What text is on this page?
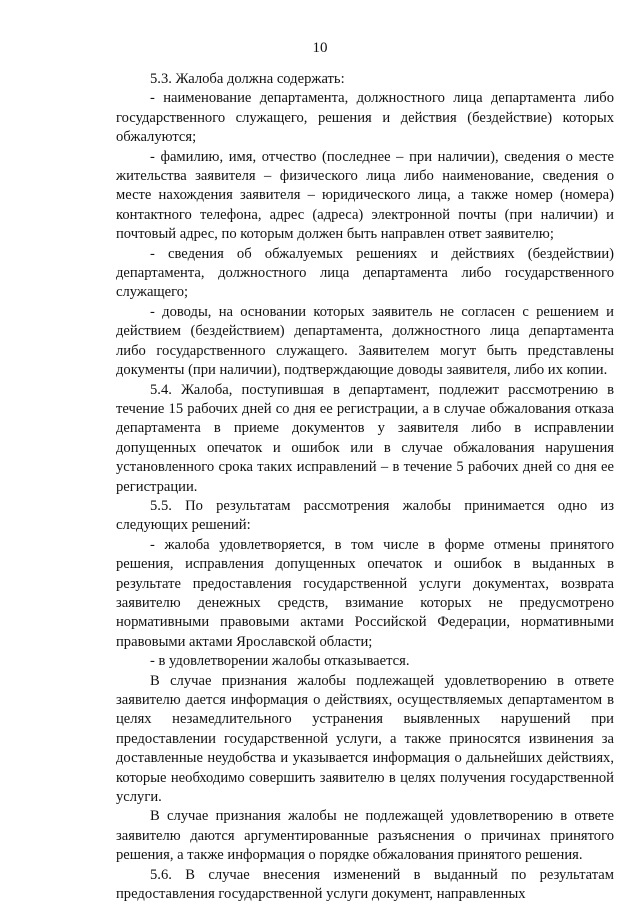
10

5.3. Жалоба должна содержать:

- наименование департамента, должностного лица департамента либо государственного служащего, решения и действия (бездействие) которых обжалуются;

- фамилию, имя, отчество (последнее – при наличии), сведения о месте жительства заявителя – физического лица либо наименование, сведения о месте нахождения заявителя – юридического лица, а также номер (номера) контактного телефона, адрес (адреса) электронной почты (при наличии) и почтовый адрес, по которым должен быть направлен ответ заявителю;

- сведения об обжалуемых решениях и действиях (бездействии) департамента, должностного лица департамента либо государственного служащего;

- доводы, на основании которых заявитель не согласен с решением и действием (бездействием) департамента, должностного лица департамента либо государственного служащего. Заявителем могут быть представлены документы (при наличии), подтверждающие доводы заявителя, либо их копии.

5.4. Жалоба, поступившая в департамент, подлежит рассмотрению в течение 15 рабочих дней со дня ее регистрации, а в случае обжалования отказа департамента в приеме документов у заявителя либо в исправлении допущенных опечаток и ошибок или в случае обжалования нарушения установленного срока таких исправлений – в течение 5 рабочих дней со дня ее регистрации.

5.5. По результатам рассмотрения жалобы принимается одно из следующих решений:

- жалоба удовлетворяется, в том числе в форме отмены принятого решения, исправления допущенных опечаток и ошибок в выданных в результате предоставления государственной услуги документах, возврата заявителю денежных средств, взимание которых не предусмотрено нормативными правовыми актами Российской Федерации, нормативными правовыми актами Ярославской области;

- в удовлетворении жалобы отказывается.

В случае признания жалобы подлежащей удовлетворению в ответе заявителю дается информация о действиях, осуществляемых департаментом в целях незамедлительного устранения выявленных нарушений при предоставлении государственной услуги, а также приносятся извинения за доставленные неудобства и указывается информация о дальнейших действиях, которые необходимо совершить заявителю в целях получения государственной услуги.

В случае признания жалобы не подлежащей удовлетворению в ответе заявителю даются аргументированные разъяснения о причинах принятого решения, а также информация о порядке обжалования принятого решения.

5.6. В случае внесения изменений в выданный по результатам предоставления государственной услуги документ, направленных
